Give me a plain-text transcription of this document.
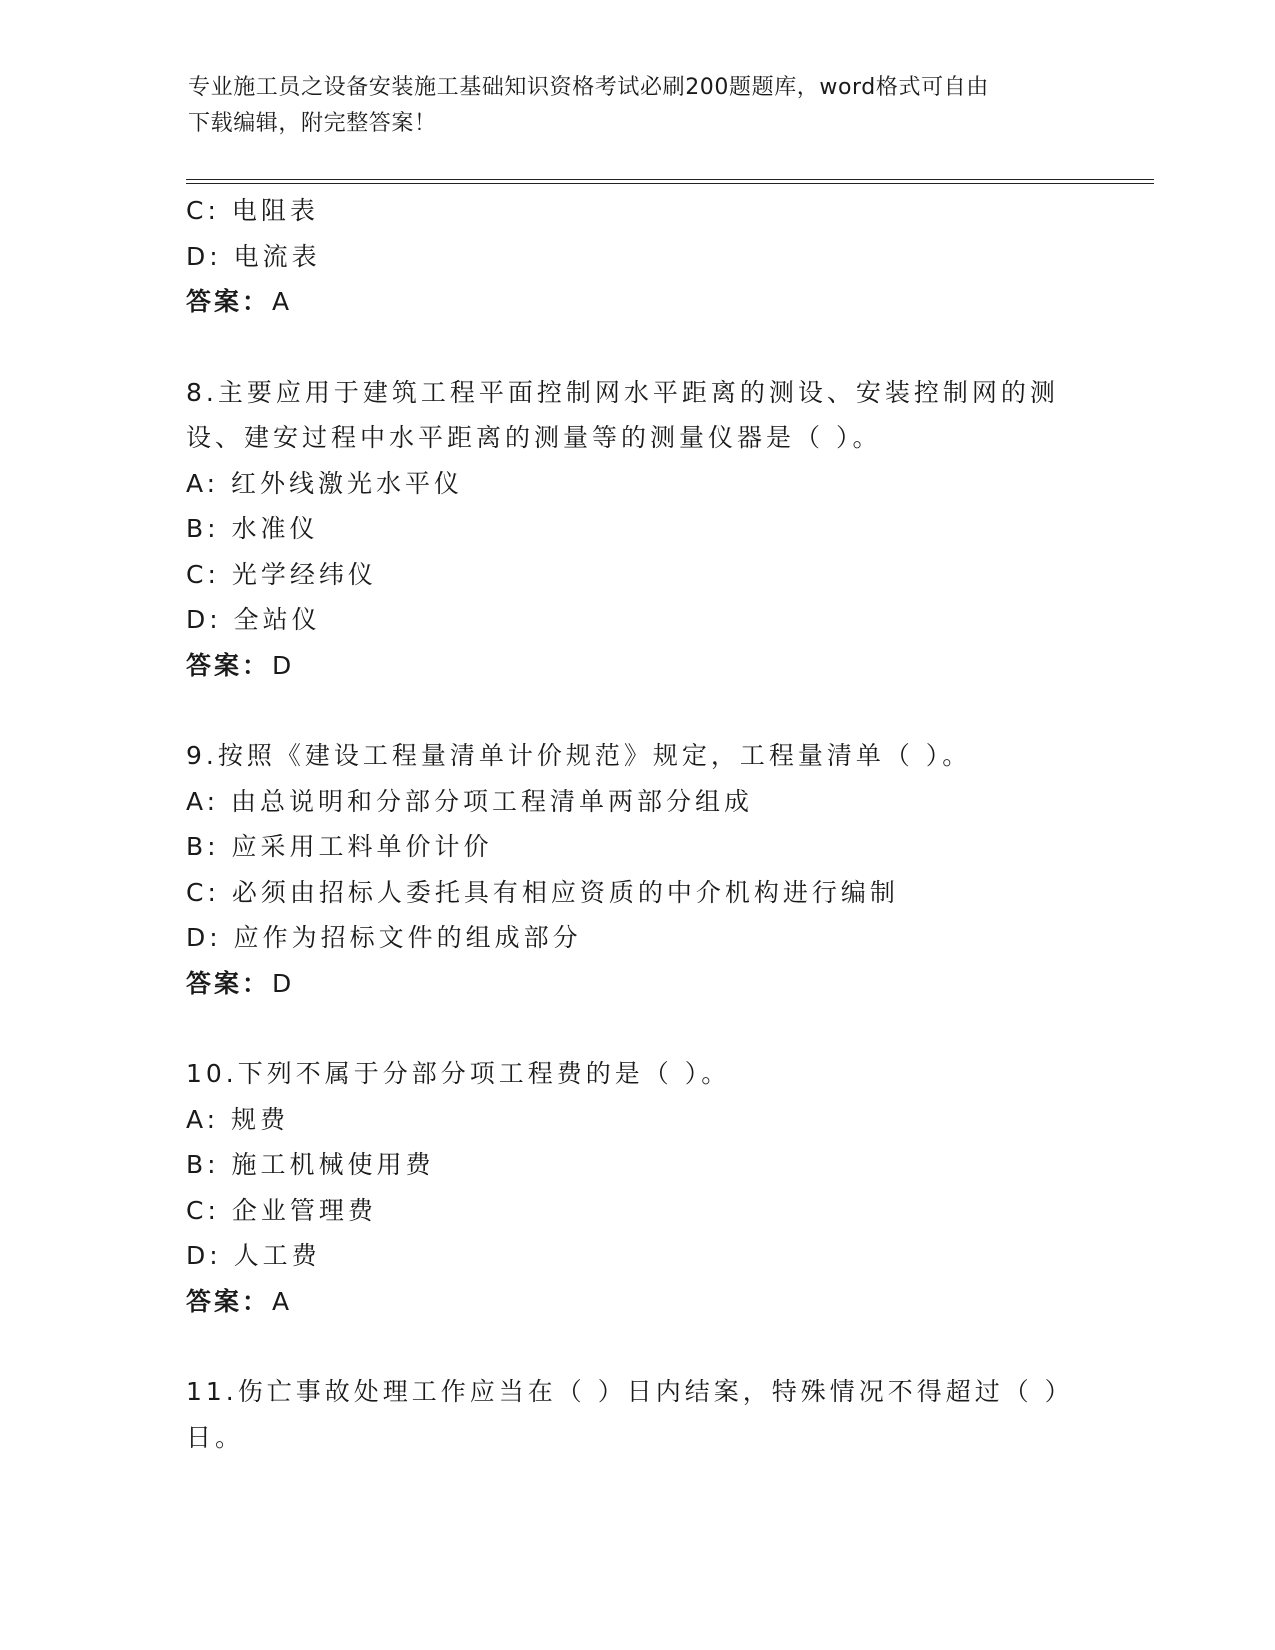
专业施工员之设备安装施工基础知识资格考试必刷200题题库，word格式可自由
下载编辑，附完整答案！
C: 电阻表
D: 电流表
答案：A
8.主要应用于建筑工程平面控制网水平距离的测设、安装控制网的测
设、建安过程中水平距离的测量等的测量仪器是（ ）。
A: 红外线激光水平仪
B: 水准仪
C: 光学经纬仪
D: 全站仪
答案：D
9.按照《建设工程量清单计价规范》规定，工程量清单（ ）。
A: 由总说明和分部分项工程清单两部分组成
B: 应采用工料单价计价
C: 必须由招标人委托具有相应资质的中介机构进行编制
D: 应作为招标文件的组成部分
答案：D
10.下列不属于分部分项工程费的是（ ）。
A: 规费
B: 施工机械使用费
C: 企业管理费
D: 人工费
答案：A
11.伤亡事故处理工作应当在（ ）日内结案，特殊情况不得超过（ ）
日。
